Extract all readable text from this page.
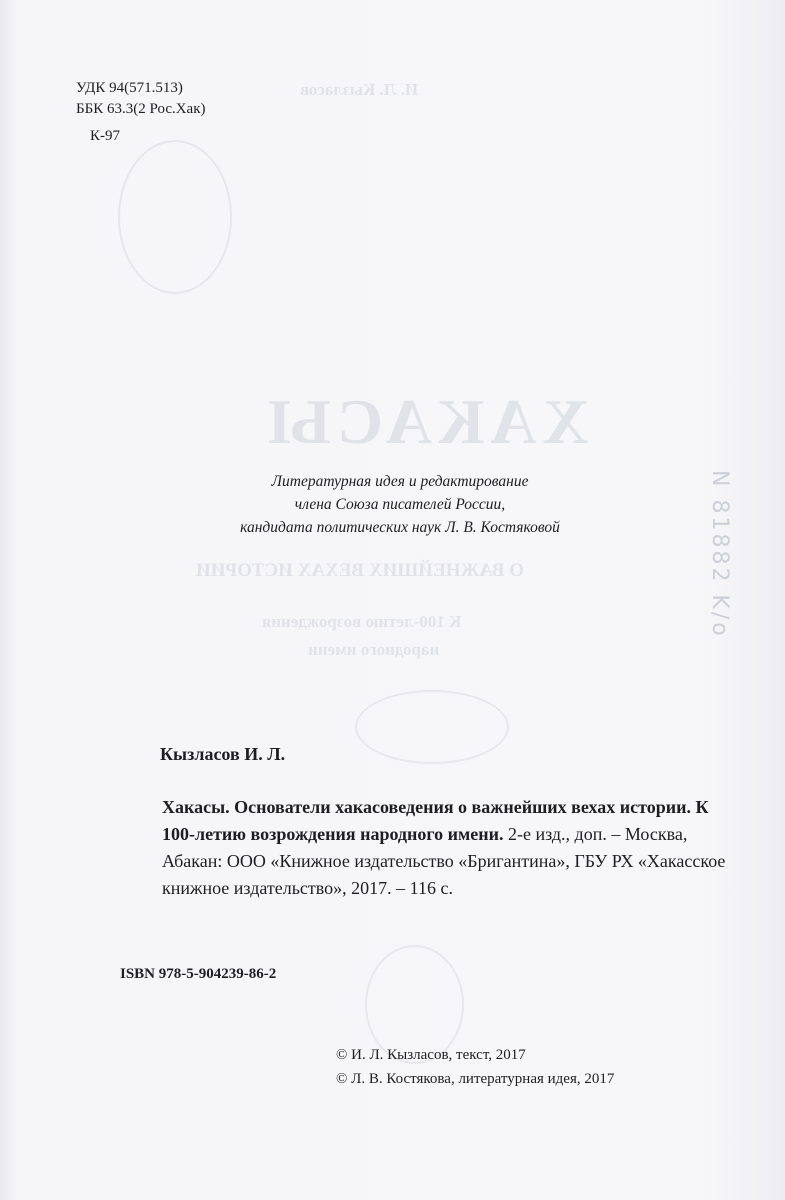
И. Л. Кызласов
ХАКАСЫ
О ВАЖНЕЙШИХ ВЕХАХ ИСТОРИИ
К 100-летию возрождения
народного имени
УДК 94(571.513)
ББК 63.3(2 Рос.Хак)
К-97
Литературная идея и редактирование
члена Союза писателей России,
кандидата политических наук Л. В. Костяковой
Кызласов И. Л.
Хакасы. Основатели хакасоведения о важнейших вехах истории. К 100-летию возрождения народного имени. 2-е изд., доп. – Москва, Абакан: ООО «Книжное издательство «Бригантина», ГБУ РХ «Хакасское книжное издательство», 2017. – 116 с.
ISBN 978-5-904239-86-2
© И. Л. Кызласов, текст, 2017
© Л. В. Костякова, литературная идея, 2017
N 81882 K/o
